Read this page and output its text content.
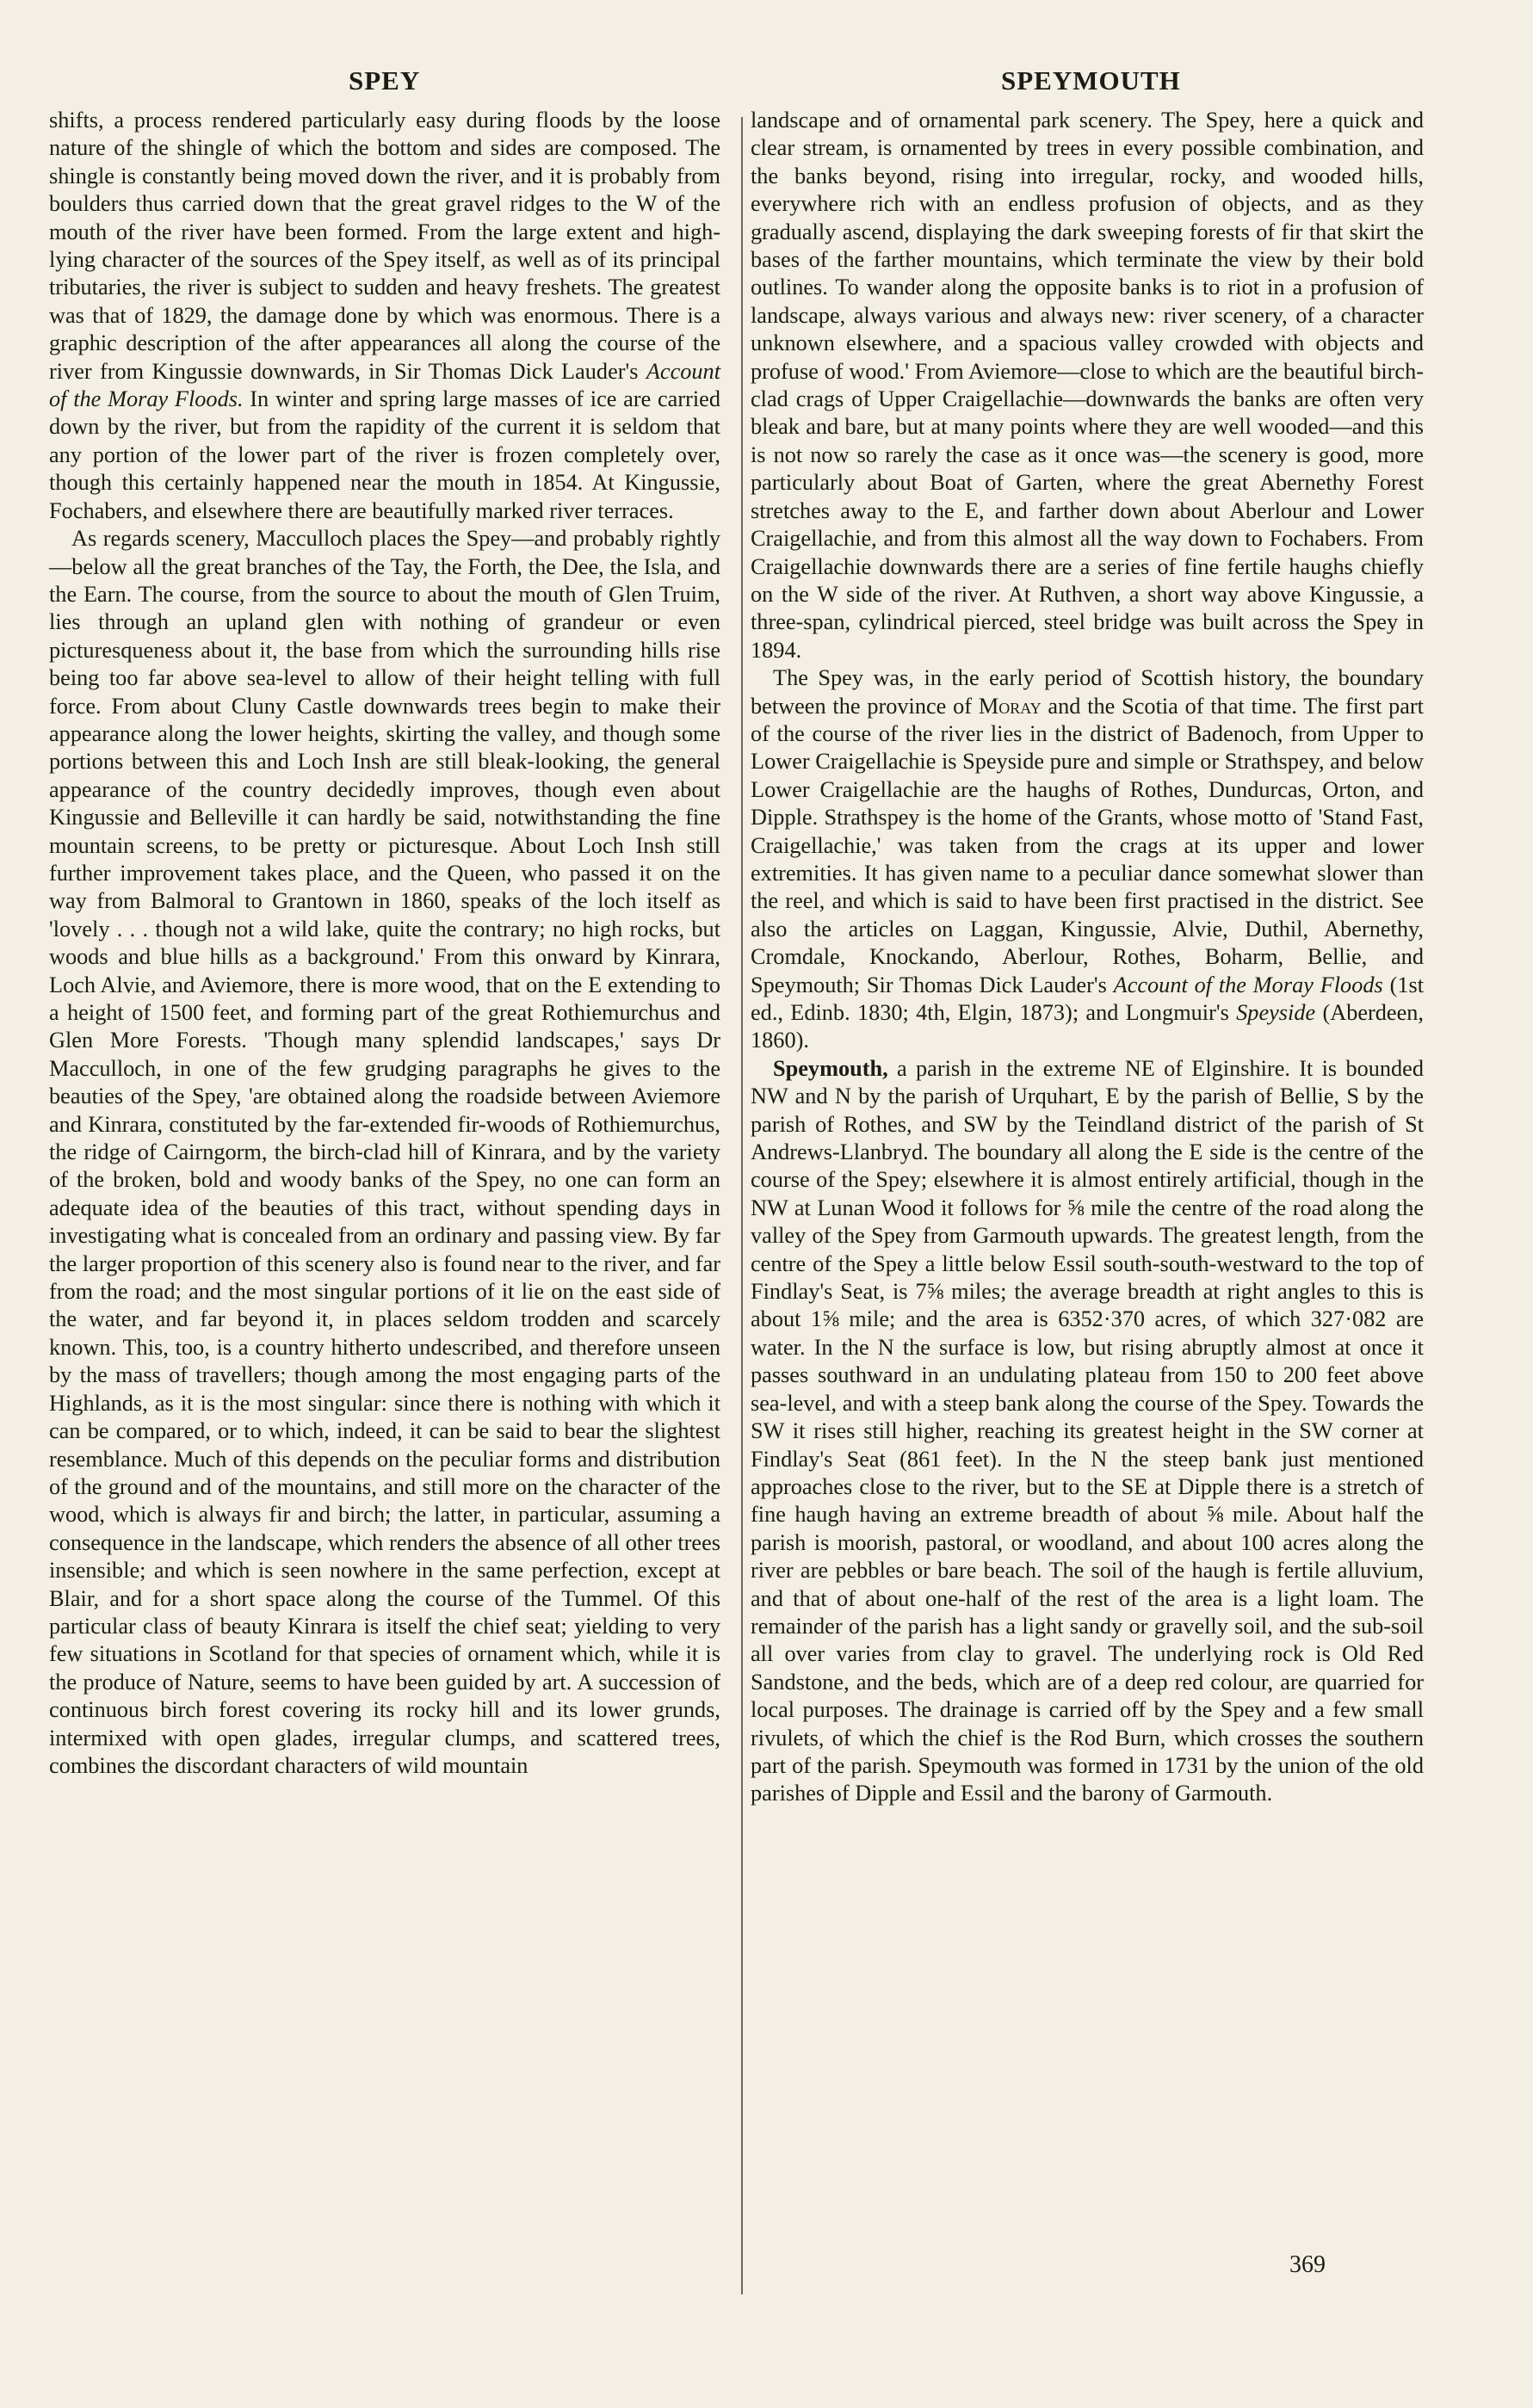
SPEY	SPEYMOUTH

shifts, a process rendered particularly easy during floods by the loose nature of the shingle of which the bottom and sides are composed. The shingle is constantly being moved down the river, and it is probably from boulders thus carried down that the great gravel ridges to the W of the mouth of the river have been formed. From the large extent and high-lying character of the sources of the Spey itself, as well as of its principal tributaries, the river is subject to sudden and heavy freshets. The greatest was that of 1829, the damage done by which was enormous. There is a graphic description of the after appearances all along the course of the river from Kingussie downwards, in Sir Thomas Dick Lauder's Account of the Moray Floods. In winter and spring large masses of ice are carried down by the river, but from the rapidity of the current it is seldom that any portion of the lower part of the river is frozen completely over, though this certainly happened near the mouth in 1854. At Kingussie, Fochabers, and elsewhere there are beautifully marked river terraces.

As regards scenery, Macculloch places the Spey—and probably rightly—below all the great branches of the Tay, the Forth, the Dee, the Isla, and the Earn. The course, from the source to about the mouth of Glen Truim, lies through an upland glen with nothing of grandeur or even picturesqueness about it, the base from which the surrounding hills rise being too far above sea-level to allow of their height telling with full force. From about Cluny Castle downwards trees begin to make their appearance along the lower heights, skirting the valley, and though some portions between this and Loch Insh are still bleak-looking, the general appearance of the country decidedly improves, though even about Kingussie and Belleville it can hardly be said, notwithstanding the fine mountain screens, to be pretty or picturesque. About Loch Insh still further improvement takes place, and the Queen, who passed it on the way from Balmoral to Grantown in 1860, speaks of the loch itself as 'lovely . . . though not a wild lake, quite the contrary; no high rocks, but woods and blue hills as a background.' From this onward by Kinrara, Loch Alvie, and Aviemore, there is more wood, that on the E extending to a height of 1500 feet, and forming part of the great Rothiemurchus and Glen More Forests. 'Though many splendid landscapes,' says Dr Macculloch, in one of the few grudging paragraphs he gives to the beauties of the Spey, 'are obtained along the roadside between Aviemore and Kinrara, constituted by the far-extended fir-woods of Rothiemurchus, the ridge of Cairngorm, the birch-clad hill of Kinrara, and by the variety of the broken, bold and woody banks of the Spey, no one can form an adequate idea of the beauties of this tract, without spending days in investigating what is concealed from an ordinary and passing view. By far the larger proportion of this scenery also is found near to the river, and far from the road; and the most singular portions of it lie on the east side of the water, and far beyond it, in places seldom trodden and scarcely known. This, too, is a country hitherto undescribed, and therefore unseen by the mass of travellers; though among the most engaging parts of the Highlands, as it is the most singular: since there is nothing with which it can be compared, or to which, indeed, it can be said to bear the slightest resemblance. Much of this depends on the peculiar forms and distribution of the ground and of the mountains, and still more on the character of the wood, which is always fir and birch; the latter, in particular, assuming a consequence in the landscape, which renders the absence of all other trees insensible; and which is seen nowhere in the same perfection, except at Blair, and for a short space along the course of the Tummel. Of this particular class of beauty Kinrara is itself the chief seat; yielding to very few situations in Scotland for that species of ornament which, while it is the produce of Nature, seems to have been guided by art. A succession of continuous birch forest covering its rocky hill and its lower grunds, intermixed with open glades, irregular clumps, and scattered trees, combines the discordant characters of wild mountain

landscape and of ornamental park scenery. The Spey, here a quick and clear stream, is ornamented by trees in every possible combination, and the banks beyond, rising into irregular, rocky, and wooded hills, everywhere rich with an endless profusion of objects, and as they gradually ascend, displaying the dark sweeping forests of fir that skirt the bases of the farther mountains, which terminate the view by their bold outlines. To wander along the opposite banks is to riot in a profusion of landscape, always various and always new: river scenery, of a character unknown elsewhere, and a spacious valley crowded with objects and profuse of wood.' From Aviemore—close to which are the beautiful birch-clad crags of Upper Craigellachie—downwards the banks are often very bleak and bare, but at many points where they are well wooded—and this is not now so rarely the case as it once was—the scenery is good, more particularly about Boat of Garten, where the great Abernethy Forest stretches away to the E, and farther down about Aberlour and Lower Craigellachie, and from this almost all the way down to Fochabers. From Craigellachie downwards there are a series of fine fertile haughs chiefly on the W side of the river. At Ruthven, a short way above Kingussie, a three-span, cylindrical pierced, steel bridge was built across the Spey in 1894.

The Spey was, in the early period of Scottish history, the boundary between the province of Moray and the Scotia of that time. The first part of the course of the river lies in the district of Badenoch, from Upper to Lower Craigellachie is Speyside pure and simple or Strathspey, and below Lower Craigellachie are the haughs of Rothes, Dundurcas, Orton, and Dipple. Strathspey is the home of the Grants, whose motto of 'Stand Fast, Craigellachie,' was taken from the crags at its upper and lower extremities. It has given name to a peculiar dance somewhat slower than the reel, and which is said to have been first practised in the district. See also the articles on Laggan, Kingussie, Alvie, Duthil, Abernethy, Cromdale, Knockando, Aberlour, Rothes, Boharm, Bellie, and Speymouth; Sir Thomas Dick Lauder's Account of the Moray Floods (1st ed., Edinb. 1830; 4th, Elgin, 1873); and Longmuir's Speyside (Aberdeen, 1860).

Speymouth, a parish in the extreme NE of Elginshire. It is bounded NW and N by the parish of Urquhart, E by the parish of Bellie, S by the parish of Rothes, and SW by the Teindland district of the parish of St Andrews-Llanbryd. The boundary all along the E side is the centre of the course of the Spey; elsewhere it is almost entirely artificial, though in the NW at Lunan Wood it follows for ⅝ mile the centre of the road along the valley of the Spey from Garmouth upwards. The greatest length, from the centre of the Spey a little below Essil south-south-westward to the top of Findlay's Seat, is 7⅝ miles; the average breadth at right angles to this is about 1⅝ mile; and the area is 6352·370 acres, of which 327·082 are water. In the N the surface is low, but rising abruptly almost at once it passes southward in an undulating plateau from 150 to 200 feet above sea-level, and with a steep bank along the course of the Spey. Towards the SW it rises still higher, reaching its greatest height in the SW corner at Findlay's Seat (861 feet). In the N the steep bank just mentioned approaches close to the river, but to the SE at Dipple there is a stretch of fine haugh having an extreme breadth of about ⅝ mile. About half the parish is moorish, pastoral, or woodland, and about 100 acres along the river are pebbles or bare beach. The soil of the haugh is fertile alluvium, and that of about one-half of the rest of the area is a light loam. The remainder of the parish has a light sandy or gravelly soil, and the sub-soil all over varies from clay to gravel. The underlying rock is Old Red Sandstone, and the beds, which are of a deep red colour, are quarried for local purposes. The drainage is carried off by the Spey and a few small rivulets, of which the chief is the Rod Burn, which crosses the southern part of the parish. Speymouth was formed in 1731 by the union of the old parishes of Dipple and Essil and the barony of Garmouth.

369
